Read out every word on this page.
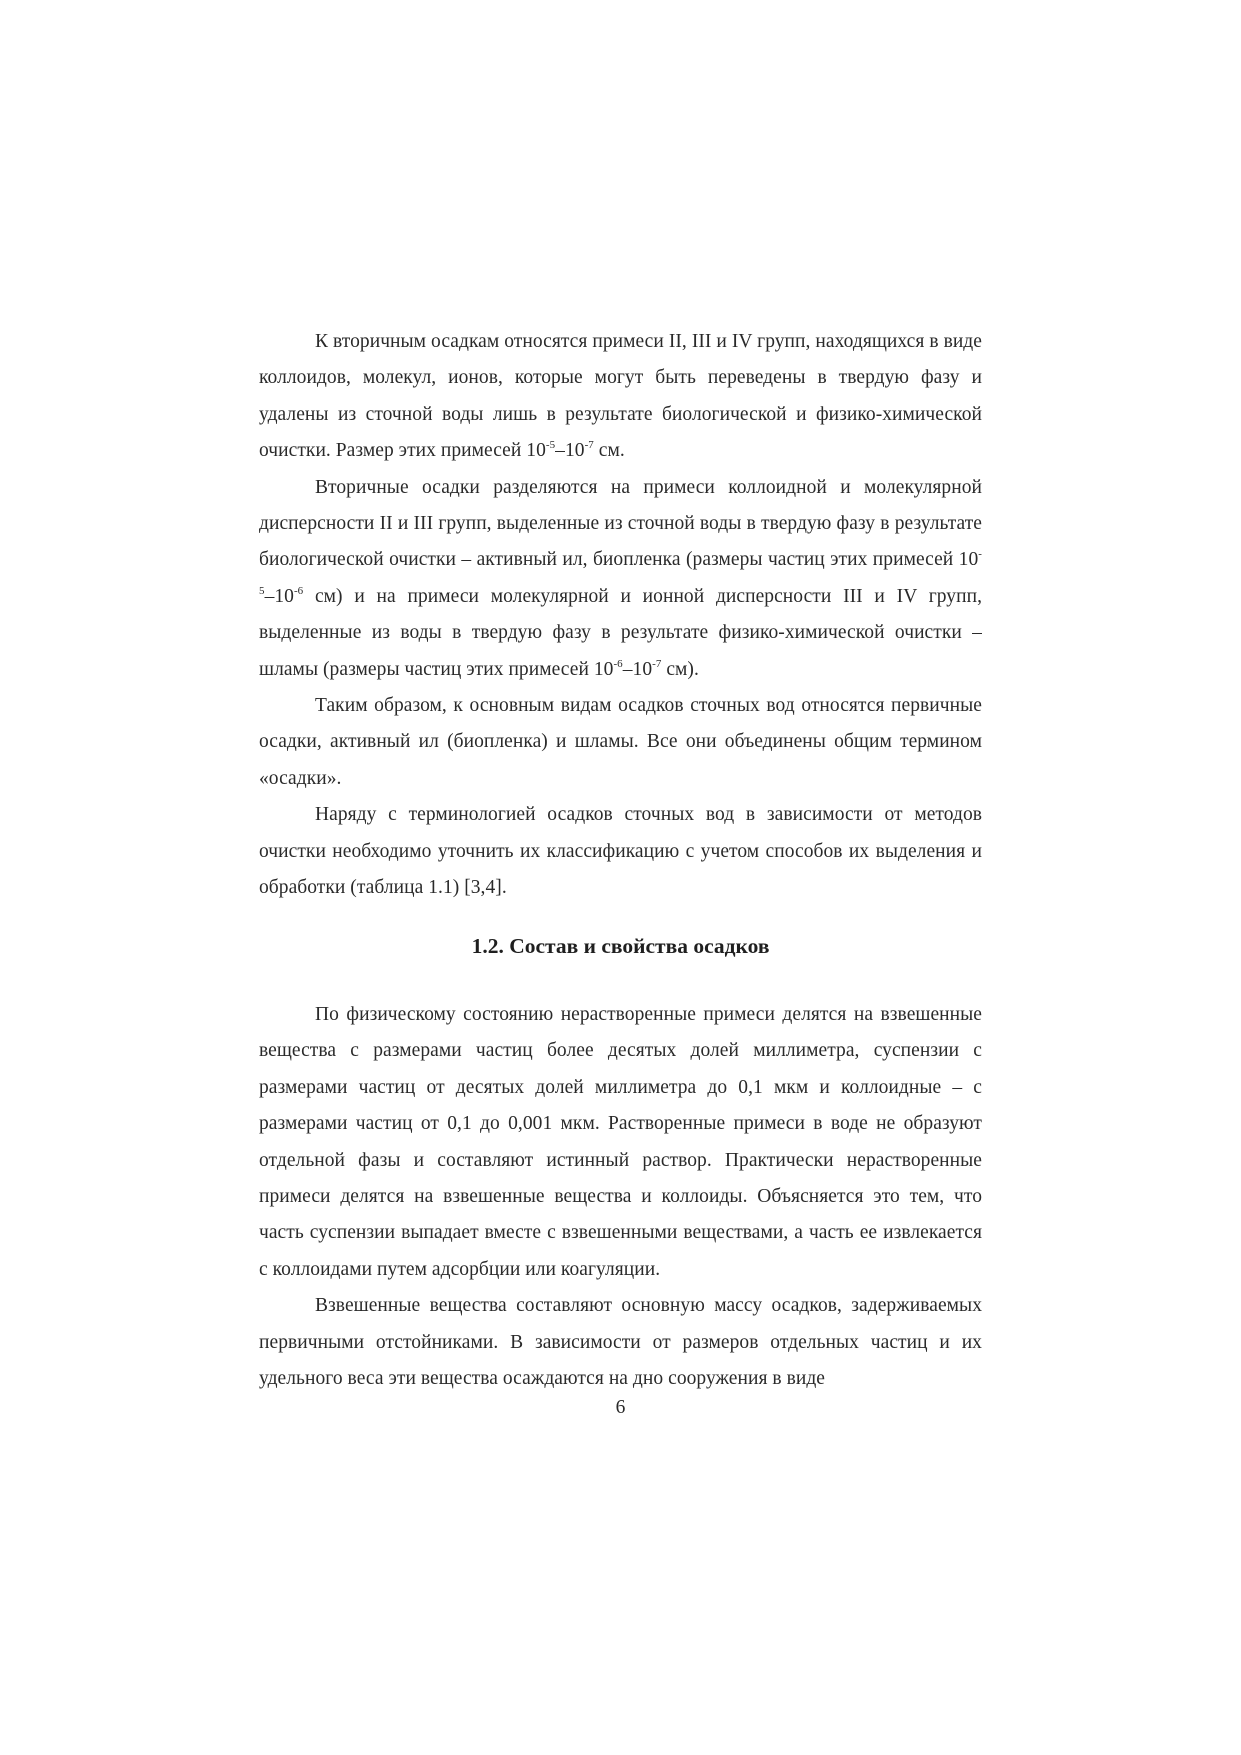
К вторичным осадкам относятся примеси II, III и IV групп, находящихся в виде коллоидов, молекул, ионов, которые могут быть переведены в твердую фазу и удалены из сточной воды лишь в результате биологической и физико-химической очистки. Размер этих примесей $10^{-5}-10^{-7}$ см.

Вторичные осадки разделяются на примеси коллоидной и молекулярной дисперсности II и III групп, выделенные из сточной воды в твердую фазу в результате биологической очистки – активный ил, биопленка (размеры частиц этих примесей $10^{-5}-10^{-6}$ см) и на примеси молекулярной и ионной дисперсности III и IV групп, выделенные из воды в твердую фазу в результате физико-химической очистки – шламы (размеры частиц этих примесей $10^{-6}-10^{-7}$ см).

Таким образом, к основным видам осадков сточных вод относятся первичные осадки, активный ил (биопленка) и шламы. Все они объединены общим термином «осадки».

Наряду с терминологией осадков сточных вод в зависимости от методов очистки необходимо уточнить их классификацию с учетом способов их выделения и обработки (таблица 1.1) [3,4].

1.2. Состав и свойства осадков

По физическому состоянию нерастворенные примеси делятся на взвешенные вещества с размерами частиц более десятых долей миллиметра, суспензии с размерами частиц от десятых долей миллиметра до 0,1 мкм и коллоидные – с размерами частиц от 0,1 до 0,001 мкм. Растворенные примеси в воде не образуют отдельной фазы и составляют истинный раствор. Практически нерастворенные примеси делятся на взвешенные вещества и коллоиды. Объясняется это тем, что часть суспензии выпадает вместе с взвешенными веществами, а часть ее извлекается с коллоидами путем адсорбции или коагуляции.

Взвешенные вещества составляют основную массу осадков, задерживаемых первичными отстойниками. В зависимости от размеров отдельных частиц и их удельного веса эти вещества осаждаются на дно сооружения в виде

6
